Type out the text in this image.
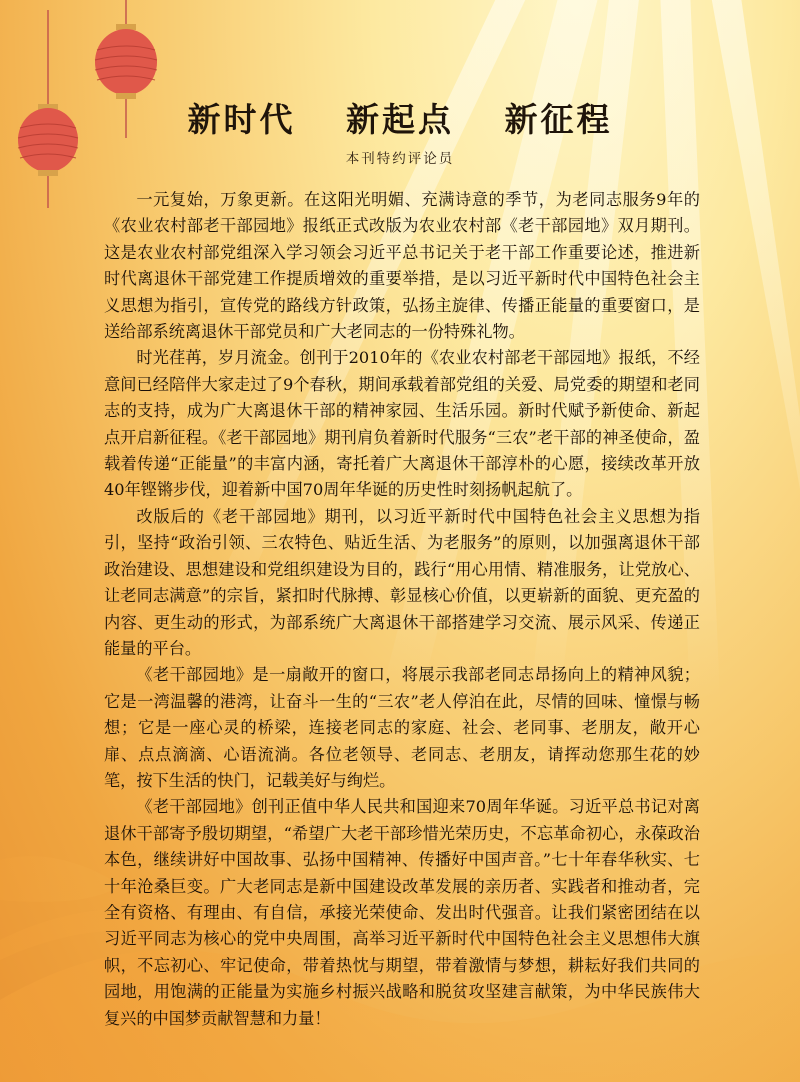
新时代 新起点 新征程
本刊特约评论员

一元复始，万象更新。在这阳光明媚、充满诗意的季节，为老同志服务9年的《农业农村部老干部园地》报纸正式改版为农业农村部《老干部园地》双月期刊。这是农业农村部党组深入学习领会习近平总书记关于老干部工作重要论述，推进新时代离退休干部党建工作提质增效的重要举措，是以习近平新时代中国特色社会主义思想为指引，宣传党的路线方针政策，弘扬主旋律、传播正能量的重要窗口，是送给部系统离退休干部党员和广大老同志的一份特殊礼物。

时光荏苒，岁月流金。创刊于2010年的《农业农村部老干部园地》报纸，不经意间已经陪伴大家走过了9个春秋，期间承载着部党组的关爱、局党委的期望和老同志的支持，成为广大离退休干部的精神家园、生活乐园。新时代赋予新使命、新起点开启新征程。《老干部园地》期刊肩负着新时代服务“三农”老干部的神圣使命，盈载着传递“正能量”的丰富内涵，寄托着广大离退休干部淳朴的心愿，接续改革开放40年铿锵步伐，迎着新中国70周年华诞的历史性时刻扬帆起航了。

改版后的《老干部园地》期刊，以习近平新时代中国特色社会主义思想为指引，坚持“政治引领、三农特色、贴近生活、为老服务”的原则，以加强离退休干部政治建设、思想建设和党组织建设为目的，践行“用心用情、精准服务，让党放心、让老同志满意”的宗旨，紧扣时代脉搏、彰显核心价值，以更崭新的面貌、更充盈的内容、更生动的形式，为部系统广大离退休干部搭建学习交流、展示风采、传递正能量的平台。

《老干部园地》是一扇敞开的窗口，将展示我部老同志昂扬向上的精神风貌；它是一湾温馨的港湾，让奋斗一生的“三农”老人停泊在此，尽情的回味、憧憬与畅想；它是一座心灵的桥梁，连接老同志的家庭、社会、老同事、老朋友，敞开心扉、点点滴滴、心语流淌。各位老领导、老同志、老朋友，请挥动您那生花的妙笔，按下生活的快门，记载美好与绚烂。

《老干部园地》创刊正值中华人民共和国迎来70周年华诞。习近平总书记对离退休干部寄予殷切期望，“希望广大老干部珍惜光荣历史，不忘革命初心，永葆政治本色，继续讲好中国故事、弘扬中国精神、传播好中国声音。”七十年春华秋实、七十年沧桑巨变。广大老同志是新中国建设改革发展的亲历者、实践者和推动者，完全有资格、有理由、有自信，承接光荣使命、发出时代强音。让我们紧密团结在以习近平同志为核心的党中央周围，高举习近平新时代中国特色社会主义思想伟大旗帜，不忘初心、牢记使命，带着热忱与期望，带着激情与梦想，耕耘好我们共同的园地，用饱满的正能量为实施乡村振兴战略和脱贫攻坚建言献策，为中华民族伟大复兴的中国梦贡献智慧和力量！
